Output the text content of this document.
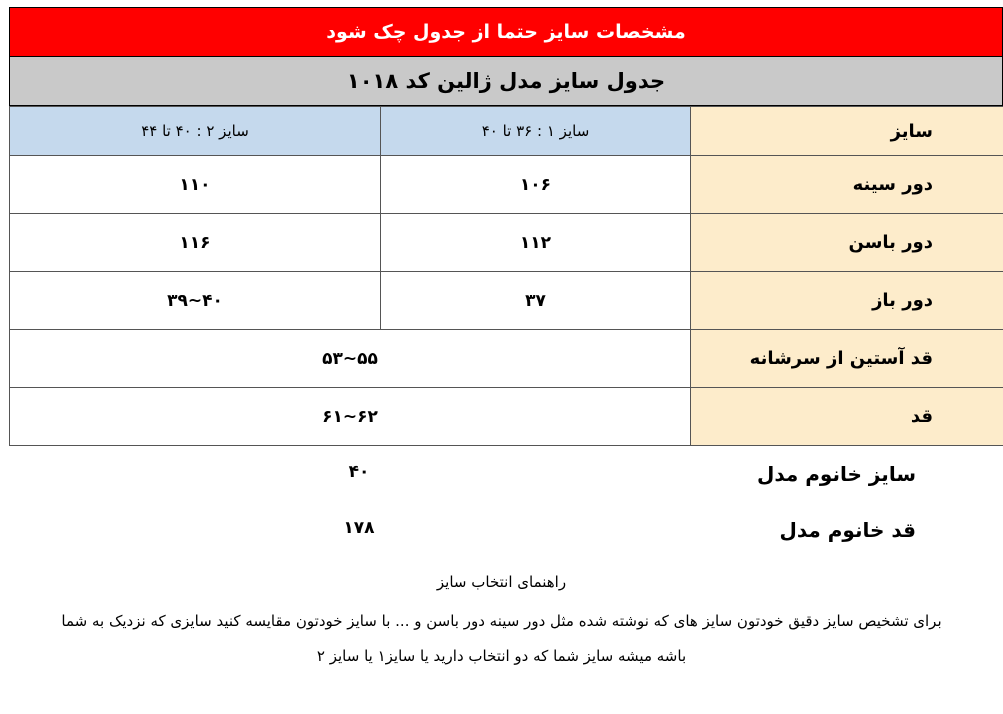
مشخصات سایز حتما از جدول چک شود
جدول سایز مدل ژالین کد ۱۰۱۸
سایز ۲ : ۴۰ تا ۴۴	سایز ۱ : ۳۶ تا ۴۰	سایز
۱۱۰	۱۰۶	دور سینه
۱۱۶	۱۱۲	دور باسن
۴۰~۳۹	۳۷	دور باز
۵۵~۵۳		قد آستین از سرشانه
۶۲~۶۱		قد
سایز خانوم مدل
۴۰
قد خانوم مدل
۱۷۸
راهنمای انتخاب سایز
برای تشخیص سایز دقیق خودتون سایز های که نوشته شده مثل دور سینه دور باسن و ... با سایز خودتون مقایسه کنید سایزی که نزدیک به شما
باشه میشه سایز شما که دو انتخاب دارید یا سایز۱ یا سایز ۲
